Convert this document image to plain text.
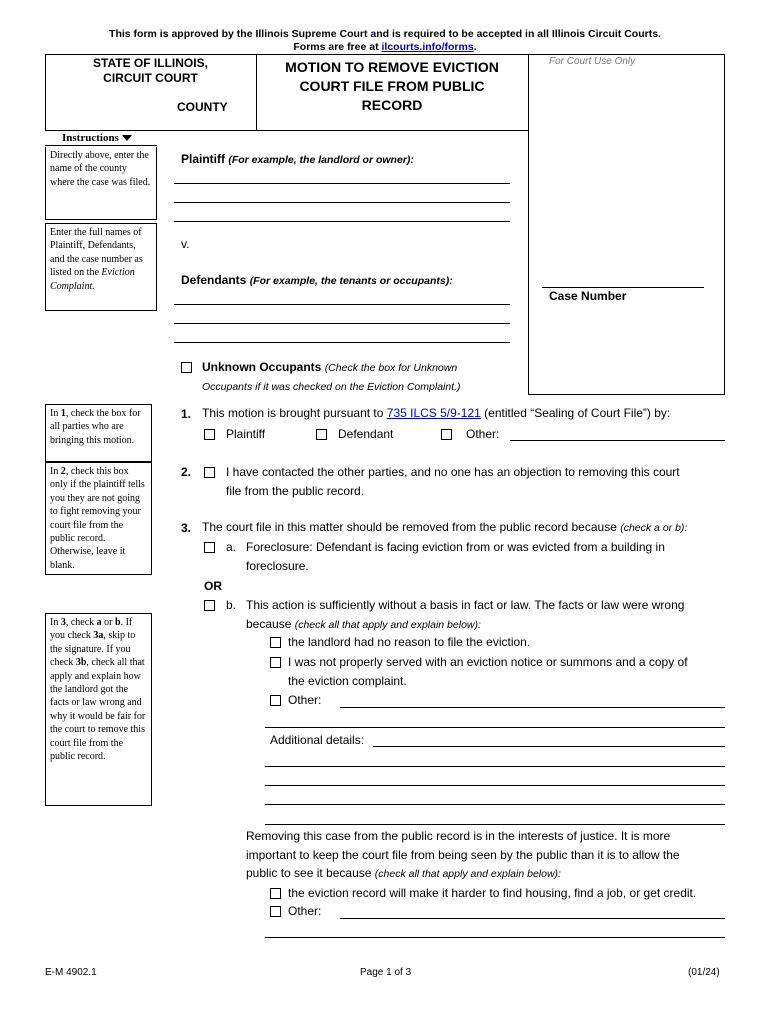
This form is approved by the Illinois Supreme Court and is required to be accepted in all Illinois Circuit Courts.
Forms are free at ilcourts.info/forms.
STATE OF ILLINOIS,
CIRCUIT COURT
COUNTY
MOTION TO REMOVE EVICTION
COURT FILE FROM PUBLIC
RECORD
For Court Use Only
Instructions
Directly above, enter the name of the county where the case was filed.
Enter the full names of Plaintiff, Defendants, and the case number as listed on the Eviction Complaint.
In 1, check the box for all parties who are bringing this motion.
In 2, check this box only if the plaintiff tells you they are not going to fight removing your court file from the public record. Otherwise, leave it blank.
In 3, check a or b. If you check 3a, skip to the signature. If you check 3b, check all that apply and explain how the landlord got the facts or law wrong and why it would be fair for the court to remove this court file from the public record.
Plaintiff (For example, the landlord or owner):
v.
Defendants (For example, the tenants or occupants):
Case Number
Unknown Occupants (Check the box for Unknown
Occupants if it was checked on the Eviction Complaint.)
1. This motion is brought pursuant to 735 ILCS 5/9-121 (entitled “Sealing of Court File”) by:
Plaintiff	Defendant	Other:
2.	I have contacted the other parties, and no one has an objection to removing this court
file from the public record.
3. The court file in this matter should be removed from the public record because (check a or b):
a. Foreclosure: Defendant is facing eviction from or was evicted from a building in
foreclosure.
OR
b. This action is sufficiently without a basis in fact or law. The facts or law were wrong
because (check all that apply and explain below):
the landlord had no reason to file the eviction.
I was not properly served with an eviction notice or summons and a copy of
the eviction complaint.
Other:
Additional details:
Removing this case from the public record is in the interests of justice. It is more
important to keep the court file from being seen by the public than it is to allow the
public to see it because (check all that apply and explain below):
the eviction record will make it harder to find housing, find a job, or get credit.
Other:
E-M 4902.1	Page 1 of 3	(01/24)
